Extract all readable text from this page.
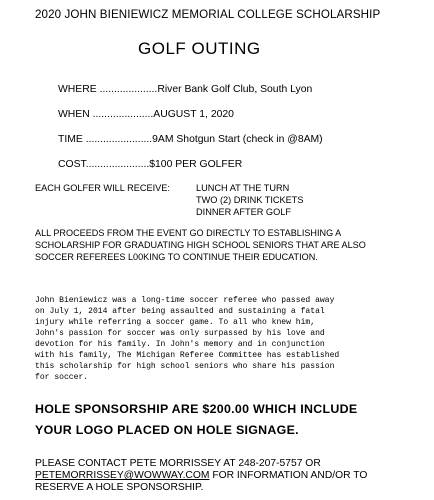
2020 JOHN BIENIEWICZ MEMORIAL COLLEGE SCHOLARSHIP
GOLF OUTING
WHERE ....................River Bank Golf Club, South Lyon
WHEN .....................AUGUST 1, 2020
TIME .......................9AM Shotgun Start (check in @8AM)
COST......................$100 PER GOLFER
EACH GOLFER WILL RECEIVE:	LUNCH AT THE TURN
TWO (2) DRINK TICKETS
DINNER AFTER GOLF
ALL PROCEEDS FROM THE EVENT GO DIRECTLY TO ESTABLISHING A
SCHOLARSHIP FOR GRADUATING HIGH SCHOOL SENIORS THAT ARE ALSO
SOCCER REFEREES L00KING TO CONTINUE THEIR EDUCATION.
John Bieniewicz was a long-time soccer referee who passed away
on July 1, 2014 after being assaulted and sustaining a fatal
injury while referring a soccer game. To all who knew him,
John's passion for soccer was only surpassed by his love and
devotion for his family. In John's memory and in conjunction
with his family, The Michigan Referee Committee has established
this scholarship for high school seniors who share his passion
for soccer.
HOLE SPONSORSHIP ARE $200.00 WHICH INCLUDE
YOUR LOGO PLACED ON HOLE SIGNAGE.
PLEASE CONTACT PETE MORRISSEY AT 248-207-5757 OR
PETEMORRISSEY@WOWWAY.COM FOR INFORMATION AND/OR TO
RESERVE A HOLE SPONSORSHIP.
